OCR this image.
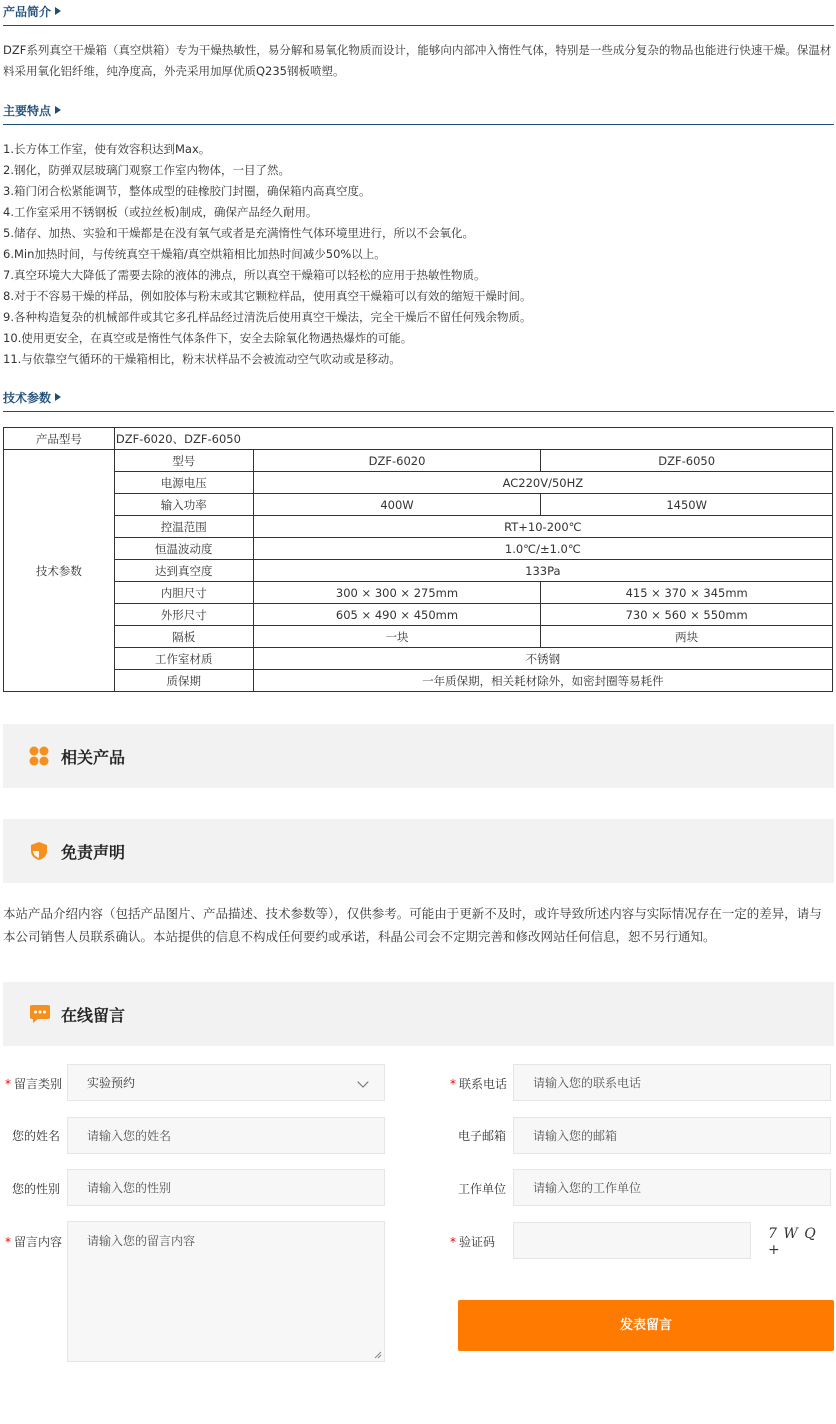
产品简介
DZF系列真空干燥箱（真空烘箱）专为干燥热敏性，易分解和易氧化物质而设计，能够向内部冲入惰性气体，特别是一些成分复杂的物品也能进行快速干燥。保温材料采用氧化铝纤维，纯净度高，外壳采用加厚优质Q235钢板喷塑。
主要特点
1.长方体工作室，使有效容积达到Max。
2.钢化，防弹双层玻璃门观察工作室内物体，一目了然。
3.箱门闭合松紧能调节，整体成型的硅橡胶门封圈，确保箱内高真空度。
4.工作室采用不锈钢板（或拉丝板)制成，确保产品经久耐用。
5.储存、加热、实验和干燥都是在没有氧气或者是充满惰性气体环境里进行，所以不会氧化。
6.Min加热时间，与传统真空干燥箱/真空烘箱相比加热时间减少50%以上。
7.真空环境大大降低了需要去除的液体的沸点，所以真空干燥箱可以轻松的应用于热敏性物质。
8.对于不容易干燥的样品，例如胶体与粉末或其它颗粒样品，使用真空干燥箱可以有效的缩短干燥时间。
9.各种构造复杂的机械部件或其它多孔样品经过清洗后使用真空干燥法，完全干燥后不留任何残余物质。
10.使用更安全，在真空或是惰性气体条件下，安全去除氧化物遇热爆炸的可能。
11.与依靠空气循环的干燥箱相比，粉末状样品不会被流动空气吹动或是移动。
技术参数
产品型号	DZF-6020、DZF-6050		
技术参数	型号	DZF-6020	DZF-6050
	电源电压	AC220V/50HZ	
	输入功率	400W	1450W
	控温范围	RT+10-200℃	
	恒温波动度	1.0℃/±1.0℃	
	达到真空度	133Pa	
	内胆尺寸	300 × 300 × 275mm	415 × 370 × 345mm
	外形尺寸	605 × 490 × 450mm	730 × 560 × 550mm
	隔板	一块	两块
	工作室材质	不锈钢	
	质保期	一年质保期，相关耗材除外，如密封圈等易耗件	
相关产品
免责声明
本站产品介绍内容（包括产品图片、产品描述、技术参数等），仅供参考。可能由于更新不及时，或许导致所述内容与实际情况存在一定的差异，请与本公司销售人员联系确认。本站提供的信息不构成任何要约或承诺，科晶公司会不定期完善和修改网站任何信息，恕不另行通知。
在线留言
* 留言类别	实验预约	* 联系电话	请输入您的联系电话
您的姓名	请输入您的姓名	电子邮箱	请输入您的邮箱
您的性别	请输入您的性别	工作单位	请输入您的工作单位
* 留言内容	请输入您的留言内容	* 验证码	7 W Q +
发表留言
